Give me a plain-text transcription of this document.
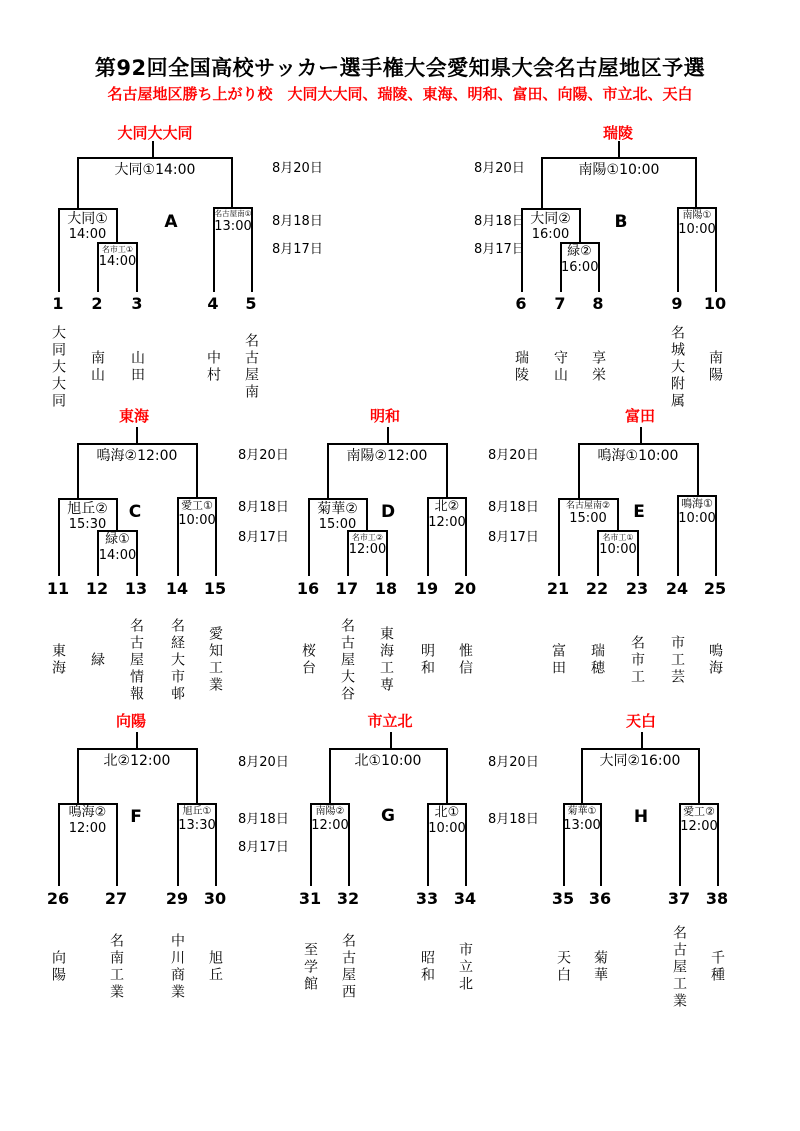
第92回全国高校サッカー選手権大会愛知県大会名古屋地区予選
名古屋地区勝ち上がり校　大同大大同、瑞陵、東海、明和、富田、向陽、市立北、天白
大同大大同
大同①14:00
大同①
14:00
名市工①
14:00
名古屋南①
13:00
A
1	2	3	4	5
大同大大同 南山 山田	中村 名古屋南
瑞陵
南陽①10:00
大同②
16:00
緑②
16:00
南陽①
10:00
B
6	7	8	9	10
瑞陵 守山 享栄	名城大附属 南陽
8月20日
8月18日
8月17日
8月20日
8月18日
8月17日
東海
鳴海②12:00
旭丘②
15:30
緑①
14:00
愛工①
10:00
C
11 12 13 14 15
東海 緑 名古屋情報 名経大市邨 愛知工業
明和
南陽②12:00
菊華②
15:00
名市工②
12:00
北②
12:00
D
16 17 18 19 20
桜台 名古屋大谷 東海工専 明和 惟信
富田
鳴海①10:00
名古屋南②
15:00
名市工①
10:00
鳴海①
10:00
E
21 22 23 24 25
富田 瑞穂 名市工 市工芸 鳴海
8月20日
8月18日
8月17日
8月20日
8月18日
8月17日
向陽
北②12:00
鳴海②
12:00
旭丘①
13:30
F
26 27 29 30
向陽	名南工業	中川商業 旭丘
市立北
北①10:00
南陽②
12:00
北①
10:00
G
31 32	33 34
至学館 名古屋西	昭和 市立北
天白
大同②16:00
菊華①
13:00
愛工②
12:00
H
35 36	37 38
天白 菊華	名古屋工業 千種
8月20日
8月18日
8月17日
8月20日
8月18日
